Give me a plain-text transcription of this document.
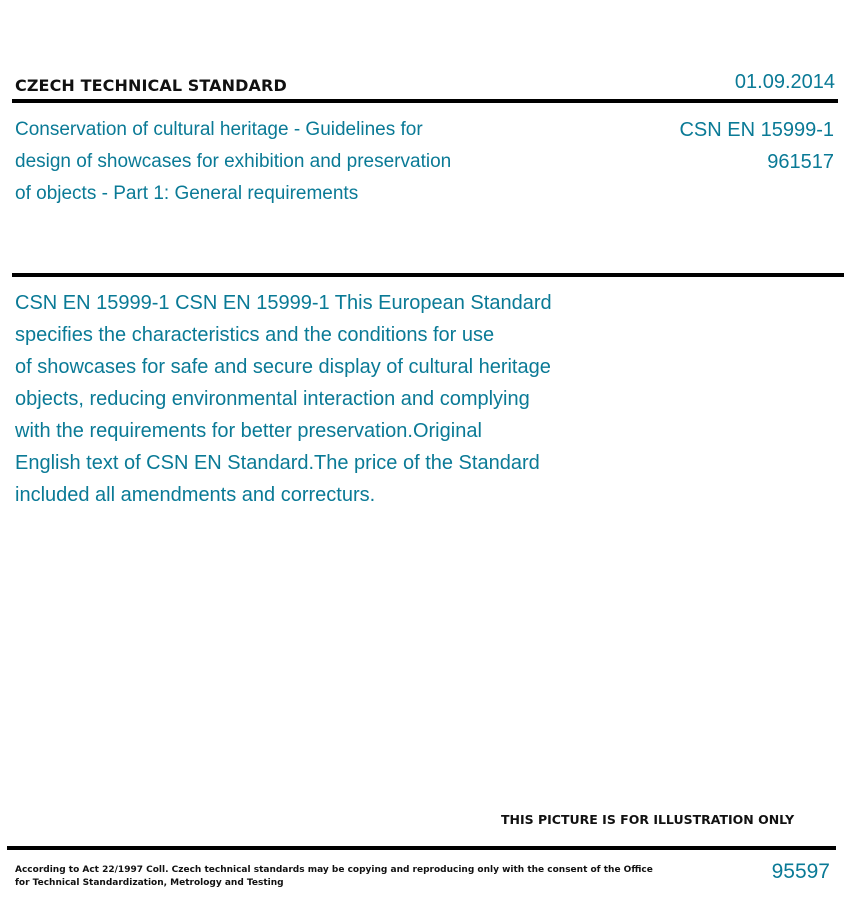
CZECH TECHNICAL STANDARD	01.09.2014
Conservation of cultural heritage - Guidelines for
design of showcases for exhibition and preservation
of objects - Part 1: General requirements
CSN EN 15999-1
961517
CSN EN 15999-1 CSN EN 15999-1 This European Standard
specifies the characteristics and the conditions for use
of showcases for safe and secure display of cultural heritage
objects, reducing environmental interaction and complying
with the requirements for better preservation.Original
English text of CSN EN Standard.The price of the Standard
included all amendments and correcturs.
THIS PICTURE IS FOR ILLUSTRATION ONLY
According to Act 22/1997 Coll. Czech technical standards may be copying and reproducing only with the consent of the Office
for Technical Standardization, Metrology and Testing	95597
